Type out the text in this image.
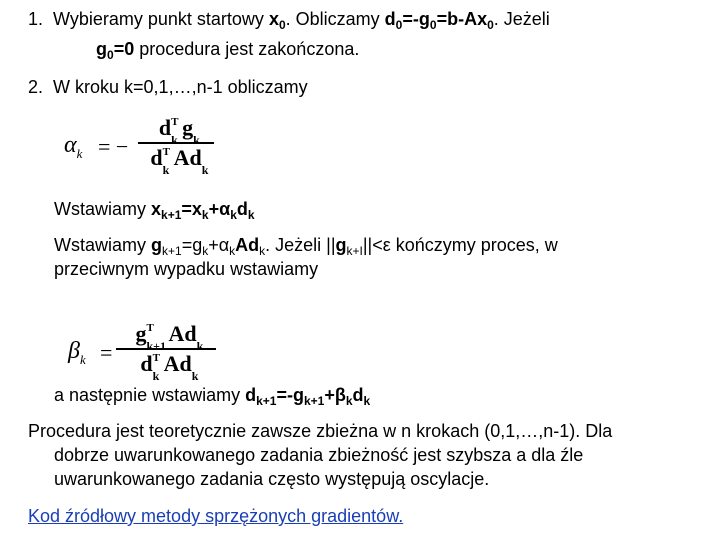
1. Wybieramy punkt startowy $x_0$. Obliczamy $d_0=-g_0=b-Ax_0$. Jeżeli
$g_0=0$ procedura jest zakończona.
2. W kroku k=0,1,…,n-1 obliczamy
$\alpha_k$ = −
d T
k g k
d T
k Ad k
Wstawiamy $x_{k+1}=x_k+\alpha_kd_k$
Wstawiamy $g_{k+1}=g_k+\alpha_kAd_k$. Jeżeli $||g_{k+I}||<\varepsilon$ kończymy proces, w
przeciwnym wypadku wstawiamy
$\beta_k$ =
g T
k+1 Ad k
d T
k Ad k
a następnie wstawiamy $d_{k+1}=-g_{k+1}+\beta_kd_k$
Procedura jest teoretycznie zawsze zbieżna w n krokach (0,1,…,n-1). Dla
dobrze uwarunkowanego zadania zbieżność jest szybsza a dla źle
uwarunkowanego zadania często występują oscylacje.
Kod źródłowy metody sprzężonych gradientów.
